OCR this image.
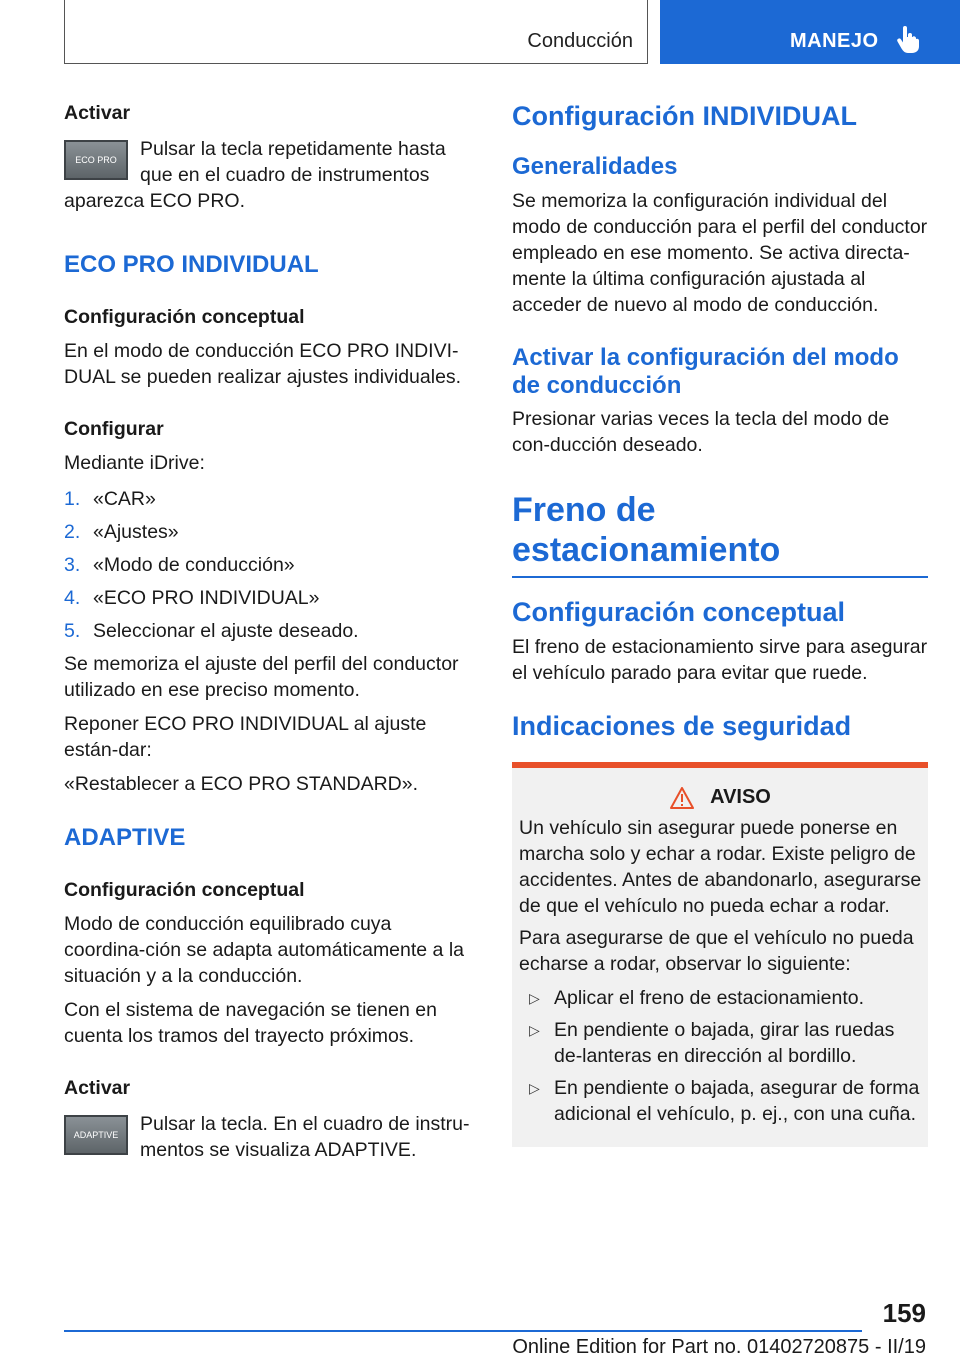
Conducción	MANEJO

Activar

ECO PRO	Pulsar la tecla repetidamente hasta que en el cuadro de instrumentos aparezca ECO PRO.

ECO PRO INDIVIDUAL

Configuración conceptual

En el modo de conducción ECO PRO INDIVI-DUAL se pueden realizar ajustes individuales.

Configurar

Mediante iDrive:

1. «CAR»
2. «Ajustes»
3. «Modo de conducción»
4. «ECO PRO INDIVIDUAL»
5. Seleccionar el ajuste deseado.

Se memoriza el ajuste del perfil del conductor utilizado en ese preciso momento.

Reponer ECO PRO INDIVIDUAL al ajuste están-dar:

«Restablecer a ECO PRO STANDARD».

ADAPTIVE

Configuración conceptual

Modo de conducción equilibrado cuya coordina-ción se adapta automáticamente a la situación y a la conducción.

Con el sistema de navegación se tienen en cuenta los tramos del trayecto próximos.

Activar

ADAPTIVE	Pulsar la tecla. En el cuadro de instru-mentos se visualiza ADAPTIVE.

Configuración INDIVIDUAL

Generalidades

Se memoriza la configuración individual del modo de conducción para el perfil del conductor empleado en ese momento. Se activa directa-mente la última configuración ajustada al acceder de nuevo al modo de conducción.

Activar la configuración del modo de conducción

Presionar varias veces la tecla del modo de con-ducción deseado.

Freno de estacionamiento

Configuración conceptual

El freno de estacionamiento sirve para asegurar el vehículo parado para evitar que ruede.

Indicaciones de seguridad

AVISO

Un vehículo sin asegurar puede ponerse en marcha solo y echar a rodar. Existe peligro de accidentes. Antes de abandonarlo, asegurarse de que el vehículo no pueda echar a rodar.

Para asegurarse de que el vehículo no pueda echarse a rodar, observar lo siguiente:

▷ Aplicar el freno de estacionamiento.
▷ En pendiente o bajada, girar las ruedas de-lanteras en dirección al bordillo.
▷ En pendiente o bajada, asegurar de forma adicional el vehículo, p. ej., con una cuña.
159
Online Edition for Part no. 01402720875 - II/19
